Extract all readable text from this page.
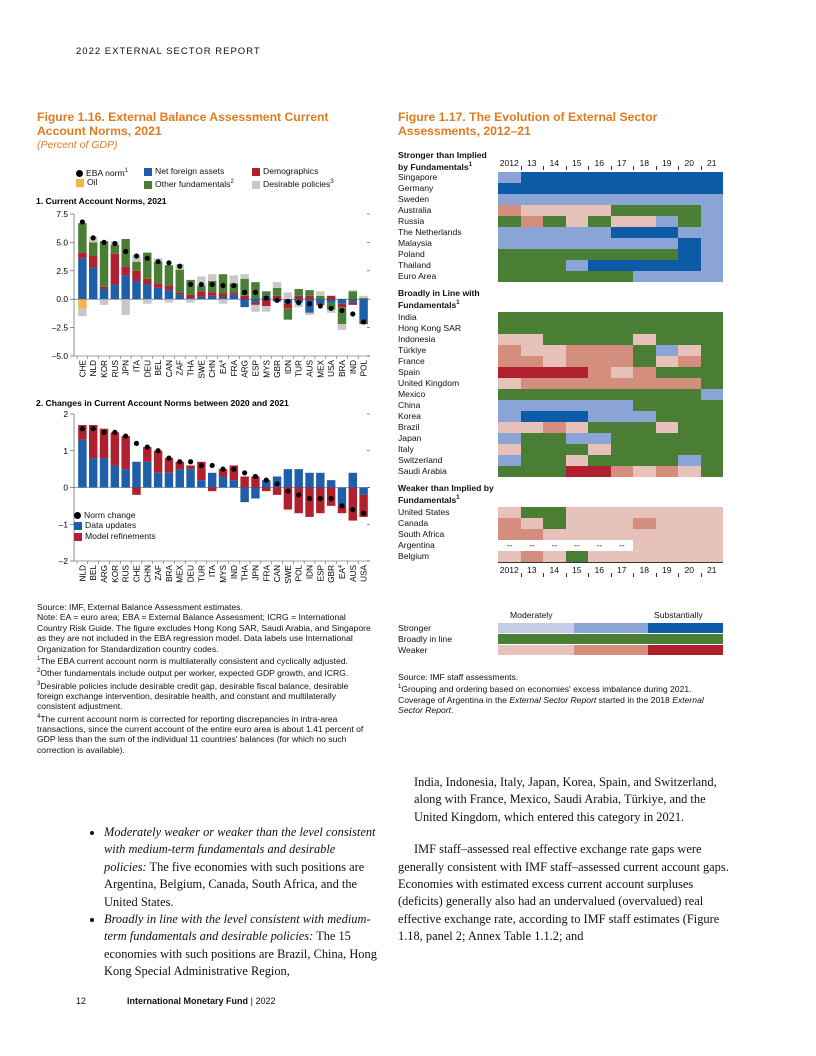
2022 EXTERNAL SECTOR REPORT
Figure 1.16. External Balance Assessment Current Account Norms, 2021
(Percent of GDP)
EBA norm$^1$
Oil
Net foreign assets
Other fundamentals$^2$
Demographics
Desirable policies$^3$
1. Current Account Norms, 2021
7.5
5.0
2.5
0.0
–2.5
–5.0
CHE NLD KOR RUS JPN ITA DEU BEL CAN ZAF THA SWE CHN $EA^4$ FRA ARG ESP MYS GBR IDN TUR AUS MEX USA BRA IND POL
2. Changes in Current Account Norms between 2020 and 2021
2
1
0
–1
–2
NLD BEL ARG KOR RUS CHE CHN ZAF BRA MEX DEU TUR ITA MYS IND THA JPN FRA CAN SWE POL IDN ESP GBR $EA^4$ AUS USA
Norm change
Data updates
Model refinements
Source: IMF, External Balance Assessment estimates.
Note: EA = euro area; EBA = External Balance Assessment; ICRG = International Country Risk Guide. The figure excludes Hong Kong SAR, Saudi Arabia, and Singapore as they are not included in the EBA regression model. Data labels use International Organization for Standardization country codes.
$^1$The EBA current account norm is multilaterally consistent and cyclically adjusted.
$^2$Other fundamentals include output per worker, expected GDP growth, and ICRG.
$^3$Desirable policies include desirable credit gap, desirable fiscal balance, desirable foreign exchange intervention, desirable health, and constant and multilaterally consistent adjustment.
$^4$The current account norm is corrected for reporting discrepancies in intra-area transactions, since the current account of the entire euro area is about 1.41 percent of GDP less than the sum of the individual 11 countries' balances (for which no such correction is available).
Figure 1.17. The Evolution of External Sector Assessments, 2012–21
Stronger than Implied by Fundamentals$^1$	2012 13	14	15	16	17	18	19	20	21
Singapore
Germany
Sweden
Australia
Russia
The Netherlands
Malaysia
Poland
Thailand
Euro Area
Broadly in Line with Fundamentals$^1$
India
Hong Kong SAR
Indonesia
Türkiye
France
Spain
United Kingdom
Mexico
China
Korea
Brazil
Japan
Italy
Switzerland
Saudi Arabia
Weaker than Implied by Fundamentals$^1$
United States
Canada
South Africa
Argentina	--	--	--	--	--	--
Belgium
2012 13	14	15	16	17	18	19	20	21
Moderately	Substantially
Stronger
Broadly in line
Weaker
Source: IMF staff assessments.
$^1$Grouping and ordering based on economies' excess imbalance during 2021. Coverage of Argentina in the External Sector Report started in the 2018 External Sector Report.
• Moderately weaker or weaker than the level consistent with medium-term fundamentals and desirable policies: The five economies with such positions are Argentina, Belgium, Canada, South Africa, and the United States.
• Broadly in line with the level consistent with medium-term fundamentals and desirable policies: The 15 economies with such positions are Brazil, China, Hong Kong Special Administrative Region,
India, Indonesia, Italy, Japan, Korea, Spain, and Switzerland, along with France, Mexico, Saudi Arabia, Türkiye, and the United Kingdom, which entered this category in 2021.
IMF staff–assessed real effective exchange rate gaps were generally consistent with IMF staff–assessed current account gaps. Economies with estimated excess current account surpluses (deficits) generally also had an undervalued (overvalued) real effective exchange rate, according to IMF staff estimates (Figure 1.18, panel 2; Annex Table 1.1.2; and
12	International Monetary Fund | 2022
